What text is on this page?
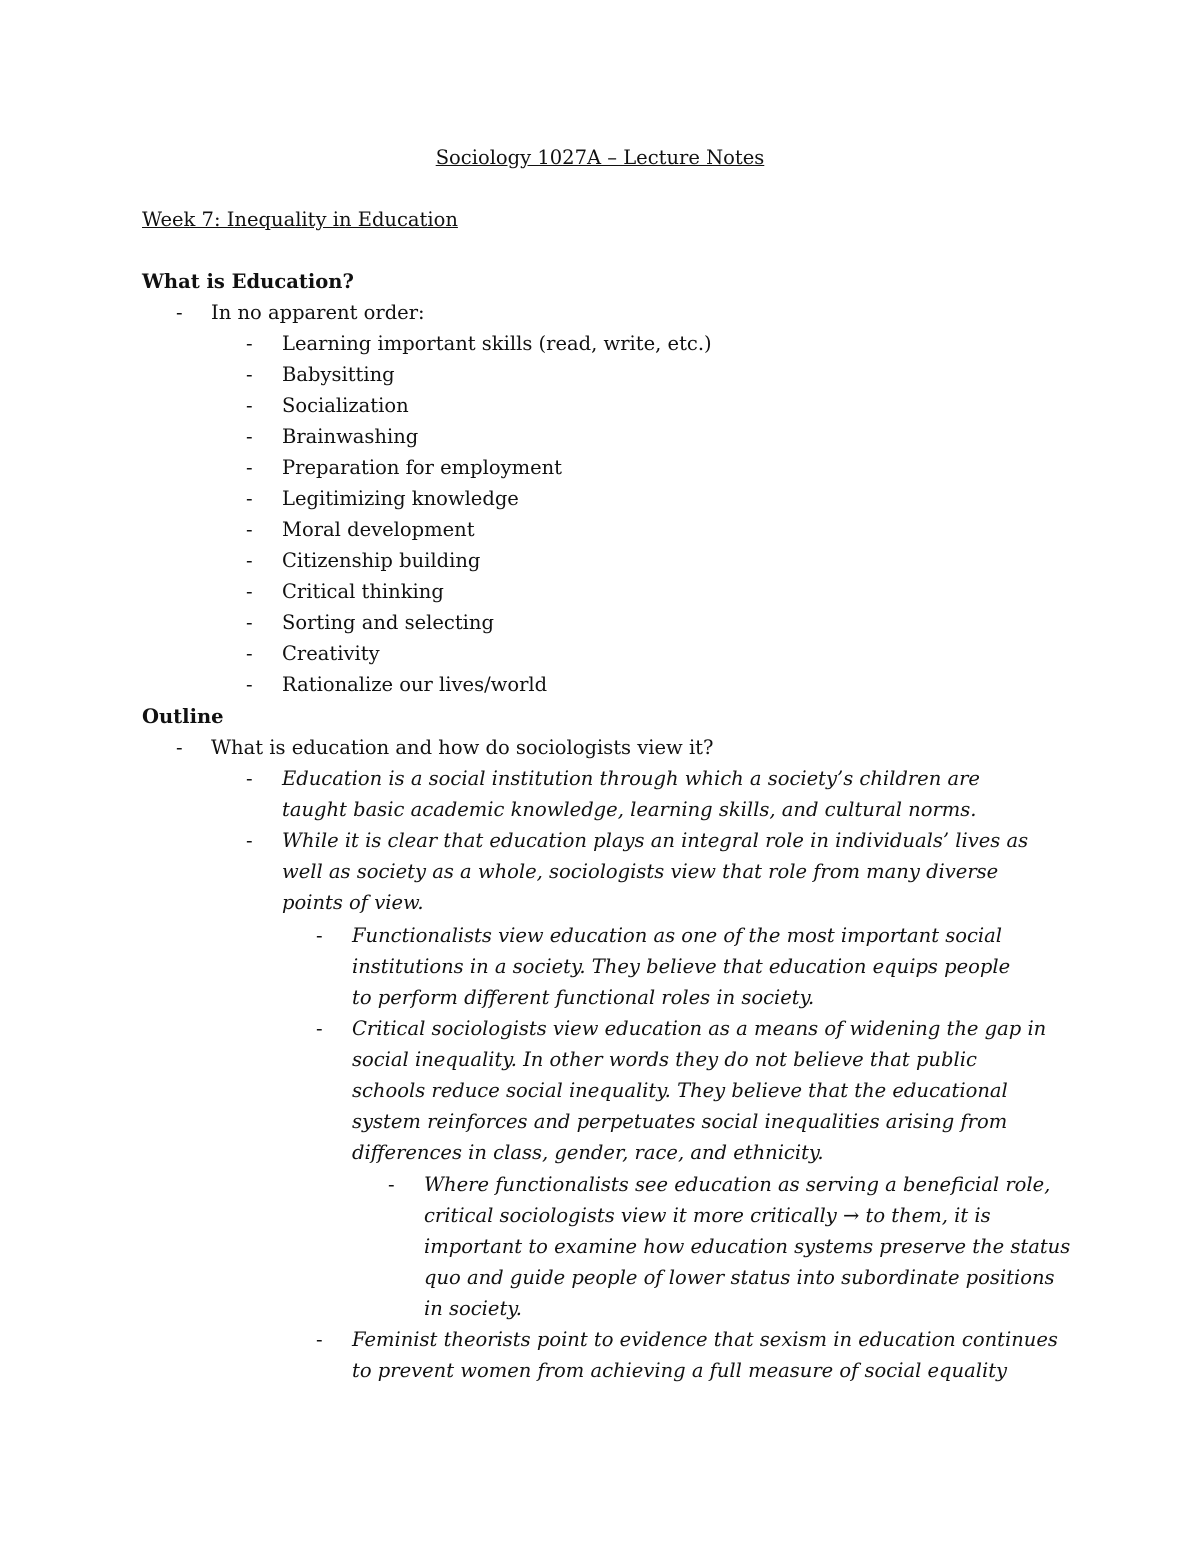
Sociology 1027A – Lecture Notes
Week 7: Inequality in Education
What is Education?
- In no apparent order:
- Learning important skills (read, write, etc.)
- Babysitting
- Socialization
- Brainwashing
- Preparation for employment
- Legitimizing knowledge
- Moral development
- Citizenship building
- Critical thinking
- Sorting and selecting
- Creativity
- Rationalize our lives/world
Outline
- What is education and how do sociologists view it?
- Education is a social institution through which a society’s children are taught basic academic knowledge, learning skills, and cultural norms.
- While it is clear that education plays an integral role in individuals’ lives as well as society as a whole, sociologists view that role from many diverse points of view.
- Functionalists view education as one of the most important social institutions in a society. They believe that education equips people to perform different functional roles in society.
- Critical sociologists view education as a means of widening the gap in social inequality. In other words they do not believe that public schools reduce social inequality. They believe that the educational system reinforces and perpetuates social inequalities arising from differences in class, gender, race, and ethnicity.
- Where functionalists see education as serving a beneficial role, critical sociologists view it more critically → to them, it is important to examine how education systems preserve the status quo and guide people of lower status into subordinate positions in society.
- Feminist theorists point to evidence that sexism in education continues to prevent women from achieving a full measure of social equality
